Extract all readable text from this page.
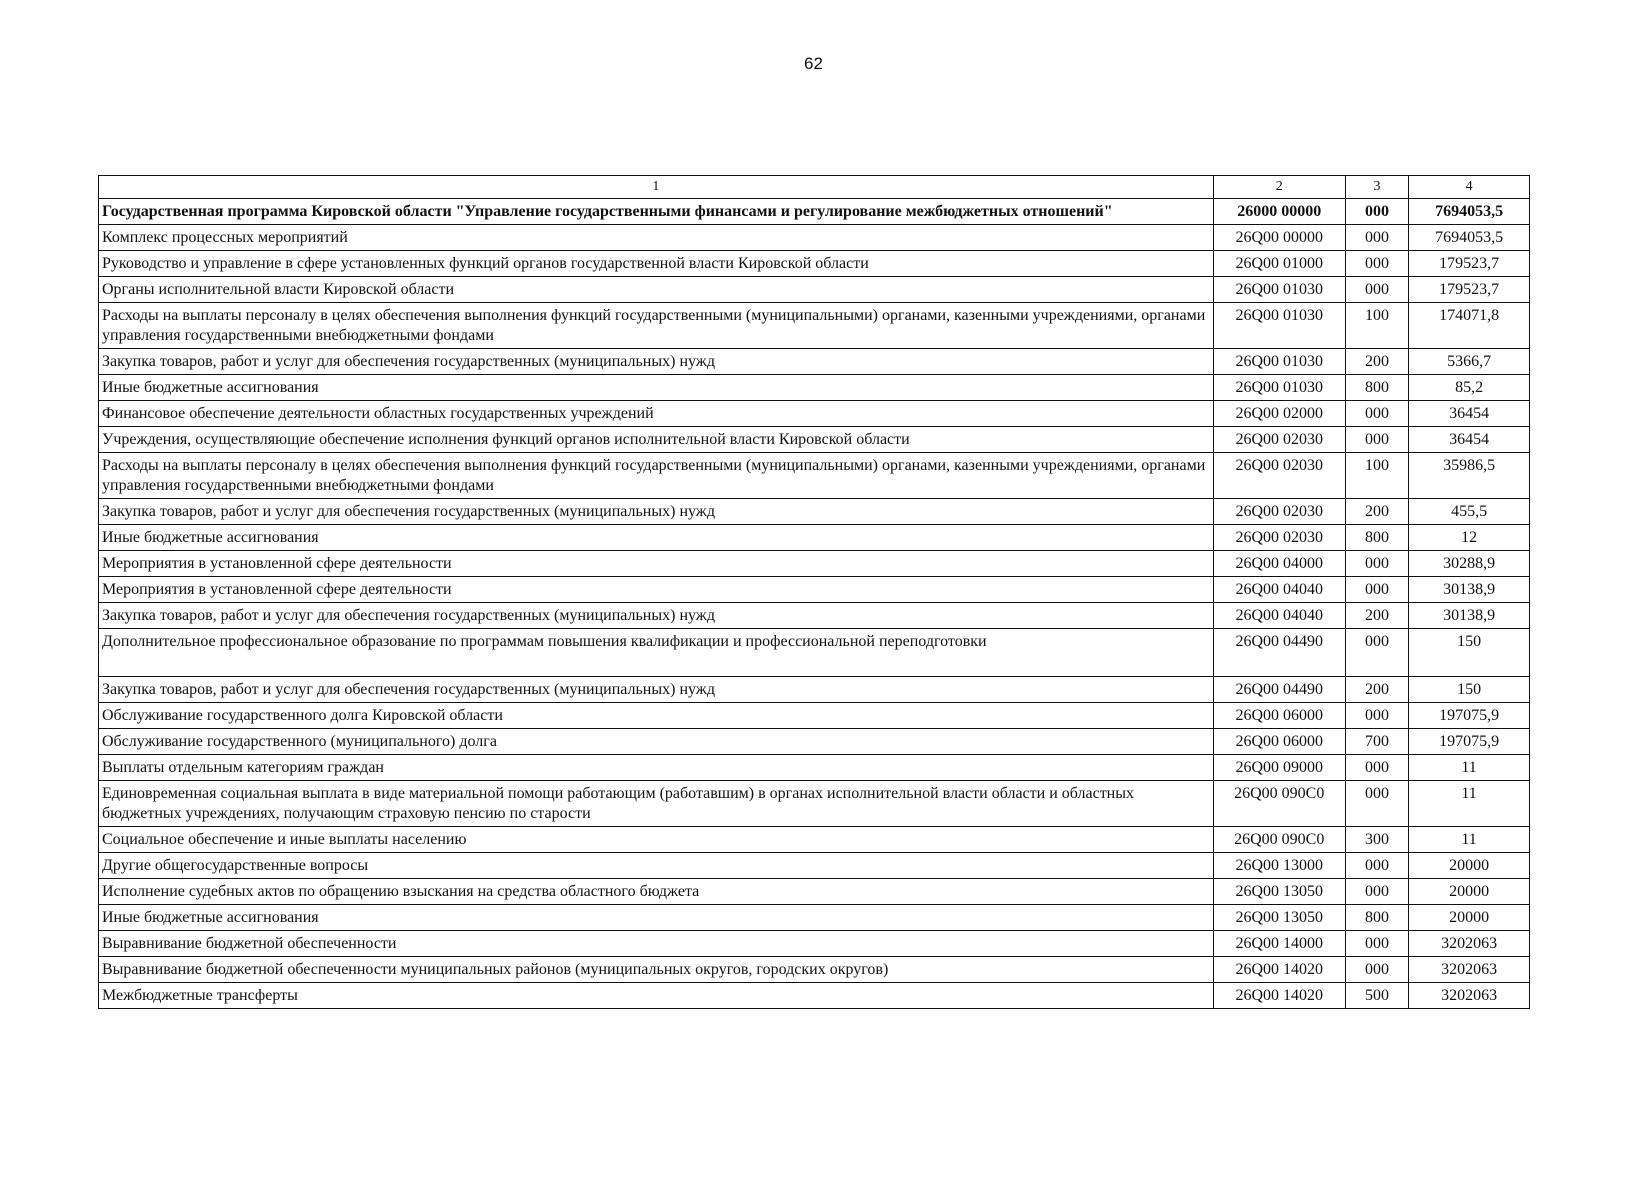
62
1	2	3	4
Государственная программа Кировской области "Управление государственными финансами и регулирование межбюджетных отношений"	26000 00000	000	7694053,5
Комплекс процессных мероприятий	26Q00 00000	000	7694053,5
Руководство и управление в сфере установленных функций органов государственной власти Кировской области	26Q00 01000	000	179523,7
Органы исполнительной власти Кировской области	26Q00 01030	000	179523,7
Расходы на выплаты персоналу в целях обеспечения выполнения функций государственными (муниципальными) органами, казенными учреждениями, органами управления государственными внебюджетными фондами	26Q00 01030	100	174071,8
Закупка товаров, работ и услуг для обеспечения государственных (муниципальных) нужд	26Q00 01030	200	5366,7
Иные бюджетные ассигнования	26Q00 01030	800	85,2
Финансовое обеспечение деятельности областных государственных учреждений	26Q00 02000	000	36454
Учреждения, осуществляющие обеспечение исполнения функций органов исполнительной власти Кировской области	26Q00 02030	000	36454
Расходы на выплаты персоналу в целях обеспечения выполнения функций государственными (муниципальными) органами, казенными учреждениями, органами управления государственными внебюджетными фондами	26Q00 02030	100	35986,5
Закупка товаров, работ и услуг для обеспечения государственных (муниципальных) нужд	26Q00 02030	200	455,5
Иные бюджетные ассигнования	26Q00 02030	800	12
Мероприятия в установленной сфере деятельности	26Q00 04000	000	30288,9
Мероприятия в установленной сфере деятельности	26Q00 04040	000	30138,9
Закупка товаров, работ и услуг для обеспечения государственных (муниципальных) нужд	26Q00 04040	200	30138,9
Дополнительное профессиональное образование по программам повышения квалификации и профессиональной переподготовки	26Q00 04490	000	150
Закупка товаров, работ и услуг для обеспечения государственных (муниципальных) нужд	26Q00 04490	200	150
Обслуживание государственного долга Кировской области	26Q00 06000	000	197075,9
Обслуживание государственного (муниципального) долга	26Q00 06000	700	197075,9
Выплаты отдельным категориям граждан	26Q00 09000	000	11
Единовременная социальная выплата в виде материальной помощи работающим (работавшим) в органах исполнительной власти области и областных бюджетных учреждениях, получающим страховую пенсию по старости	26Q00 090C0	000	11
Социальное обеспечение и иные выплаты населению	26Q00 090C0	300	11
Другие общегосударственные вопросы	26Q00 13000	000	20000
Исполнение судебных актов по обращению взыскания на средства областного бюджета	26Q00 13050	000	20000
Иные бюджетные ассигнования	26Q00 13050	800	20000
Выравнивание бюджетной обеспеченности	26Q00 14000	000	3202063
Выравнивание бюджетной обеспеченности муниципальных районов (муниципальных округов, городских округов)	26Q00 14020	000	3202063
Межбюджетные трансферты	26Q00 14020	500	3202063
